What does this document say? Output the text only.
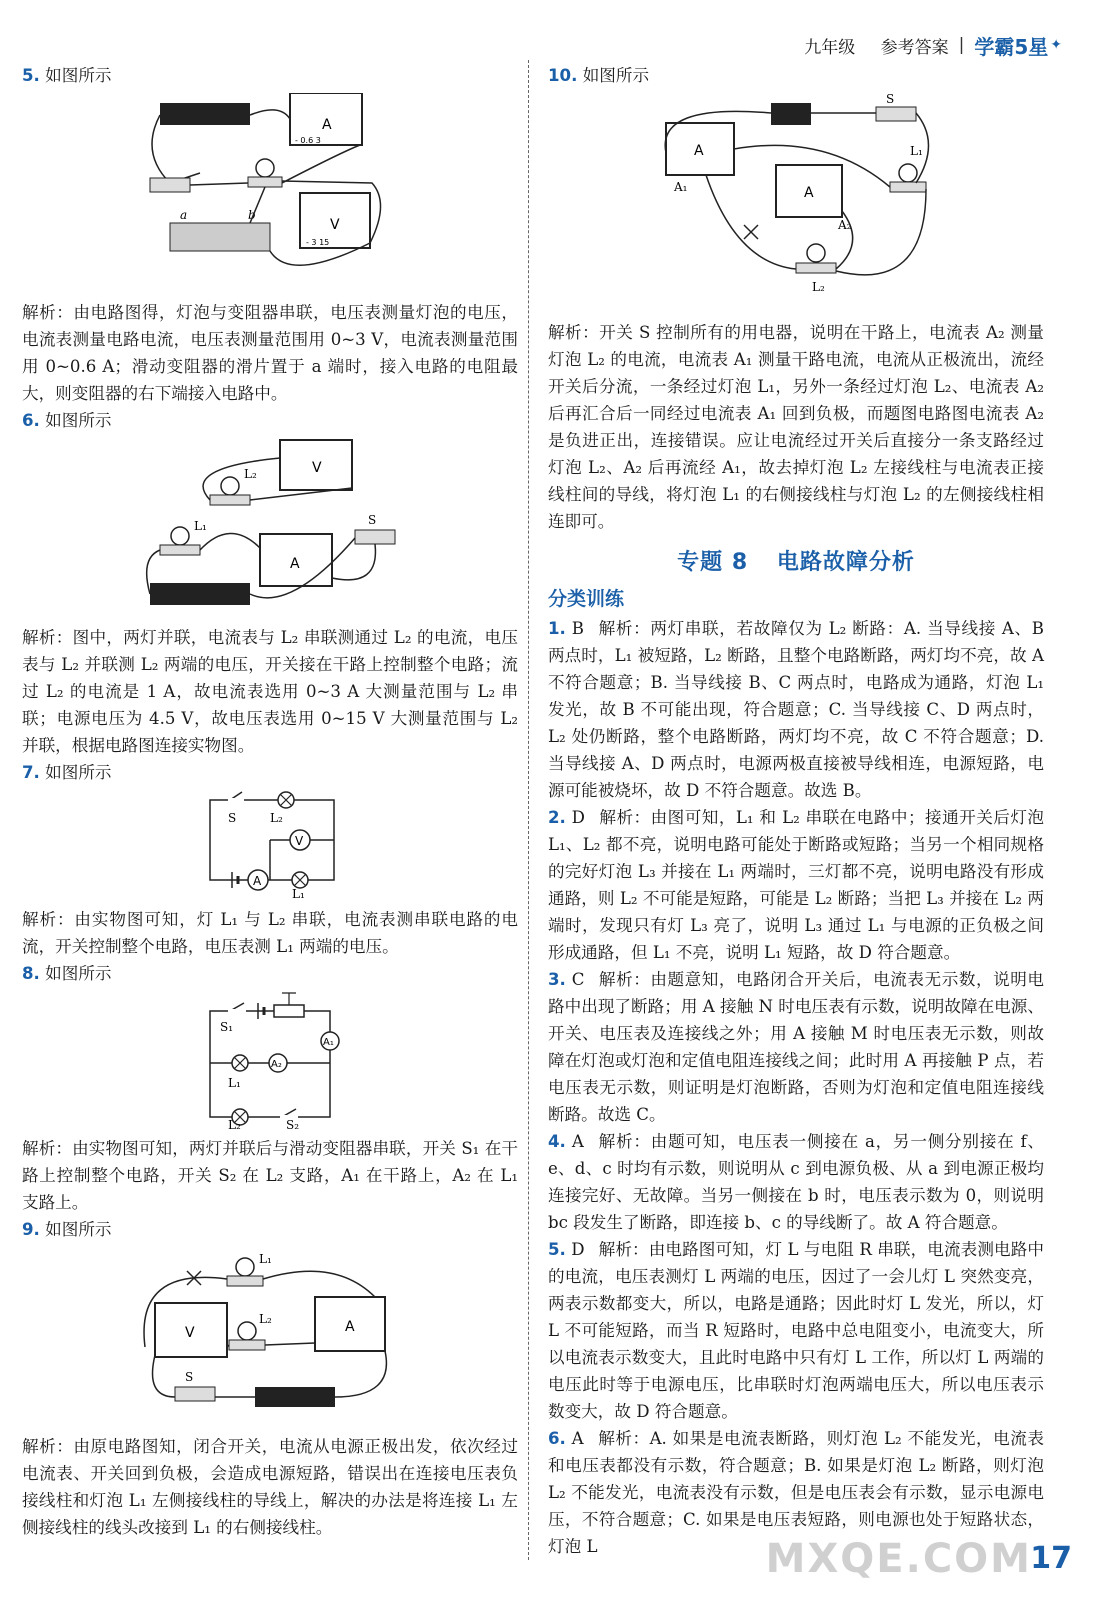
九年级
参考答案 | 学霸5星 ✦

5. 如图所示

A
- 0.6 3
a	b
V
- 3 15

解析：由电路图得，灯泡与变阻器串联，电压表测量灯泡的电压，电流表测量电路电流，电压表测量范围用 0~3 V，电流表测量范围用 0~0.6 A；滑动变阻器的滑片置于 a 端时，接入电路的电阻最大，则变阻器的右下端接入电路中。

6. 如图所示

V
L₂
L₁
A
S

解析：图中，两灯并联，电流表与 L₂ 串联测通过 L₂ 的电流，电压表与 L₂ 并联测 L₂ 两端的电压，开关接在干路上控制整个电路；流过 L₂ 的电流是 1 A，故电流表选用 0~3 A 大测量范围与 L₂ 串联；电源电压为 4.5 V，故电压表选用 0~15 V 大测量范围与 L₂ 并联，根据电路图连接实物图。

7. 如图所示

S	L₂
V
A
L₁

解析：由实物图可知，灯 L₁ 与 L₂ 串联，电流表测串联电路的电流，开关控制整个电路，电压表测 L₁ 两端的电压。

8. 如图所示

S₁
A₁
L₁
A₂
L₂	S₂

解析：由实物图可知，两灯并联后与滑动变阻器串联，开关 S₁ 在干路上控制整个电路，开关 S₂ 在 L₂ 支路，A₁ 在干路上，A₂ 在 L₁ 支路上。

9. 如图所示

L₁
V
L₂	A
S

解析：由原电路图知，闭合开关，电流从电源正极出发，依次经过电流表、开关回到负极，会造成电源短路，错误出在连接电压表负接线柱和灯泡 L₁ 左侧接线柱的导线上，解决的办法是将连接 L₁ 左侧接线柱的线头改接到 L₁ 的右侧接线柱。

10. 如图所示

S
A
A₁	A
A₂
L₁
L₂

解析：开关 S 控制所有的用电器，说明在干路上，电流表 A₂ 测量灯泡 L₂ 的电流，电流表 A₁ 测量干路电流，电流从正极流出，流经开关后分流，一条经过灯泡 L₁，另外一条经过灯泡 L₂、电流表 A₂ 后再汇合后一同经过电流表 A₁ 回到负极，而题图电路图电流表 A₂ 是负进正出，连接错误。应让电流经过开关后直接分一条支路经过灯泡 L₂、A₂ 后再流经 A₁，故去掉灯泡 L₂ 左接线柱与电流表正接线柱间的导线，将灯泡 L₁ 的右侧接线柱与灯泡 L₂ 的左侧接线柱相连即可。

专题 8 电路故障分析
分类训练

1. B 解析：两灯串联，若故障仅为 L₂ 断路：A. 当导线接 A、B 两点时，L₁ 被短路，L₂ 断路，且整个电路断路，两灯均不亮，故 A 不符合题意；B. 当导线接 B、C 两点时，电路成为通路，灯泡 L₁ 发光，故 B 不可能出现，符合题意；C. 当导线接 C、D 两点时，L₂ 处仍断路，整个电路断路，两灯均不亮，故 C 不符合题意；D. 当导线接 A、D 两点时，电源两极直接被导线相连，电源短路，电源可能被烧坏，故 D 不符合题意。故选 B。

2. D 解析：由图可知，L₁ 和 L₂ 串联在电路中；接通开关后灯泡 L₁、L₂ 都不亮，说明电路可能处于断路或短路；当另一个相同规格的完好灯泡 L₃ 并接在 L₁ 两端时，三灯都不亮，说明电路没有形成通路，则 L₂ 不可能是短路，可能是 L₂ 断路；当把 L₃ 并接在 L₂ 两端时，发现只有灯 L₃ 亮了，说明 L₃ 通过 L₁ 与电源的正负极之间形成通路，但 L₁ 不亮，说明 L₁ 短路，故 D 符合题意。

3. C 解析：由题意知，电路闭合开关后，电流表无示数，说明电路中出现了断路；用 A 接触 N 时电压表有示数，说明故障在电源、开关、电压表及连接线之外；用 A 接触 M 时电压表无示数，则故障在灯泡或灯泡和定值电阻连接线之间；此时用 A 再接触 P 点，若电压表无示数，则证明是灯泡断路，否则为灯泡和定值电阻连接线断路。故选 C。

4. A 解析：由题可知，电压表一侧接在 a，另一侧分别接在 f、e、d、c 时均有示数，则说明从 c 到电源负极、从 a 到电源正极均连接完好、无故障。当另一侧接在 b 时，电压表示数为 0，则说明 bc 段发生了断路，即连接 b、c 的导线断了。故 A 符合题意。

5. D 解析：由电路图可知，灯 L 与电阻 R 串联，电流表测电路中的电流，电压表测灯 L 两端的电压，因过了一会儿灯 L 突然变亮，两表示数都变大，所以，电路是通路；因此时灯 L 发光，所以，灯 L 不可能短路，而当 R 短路时，电路中总电阻变小，电流变大，所以电流表示数变大，且此时电路中只有灯 L 工作，所以灯 L 两端的电压此时等于电源电压，比串联时灯泡两端电压大，所以电压表示数变大，故 D 符合题意。

6. A 解析：A. 如果是电流表断路，则灯泡 L₂ 不能发光，电流表和电压表都没有示数，符合题意；B. 如果是灯泡 L₂ 断路，则灯泡 L₂ 不能发光，电流表没有示数，但是电压表会有示数，显示电源电压，不符合题意；C. 如果是电压表短路，则电源也处于短路状态，灯泡 L	MXQE.COM
17
